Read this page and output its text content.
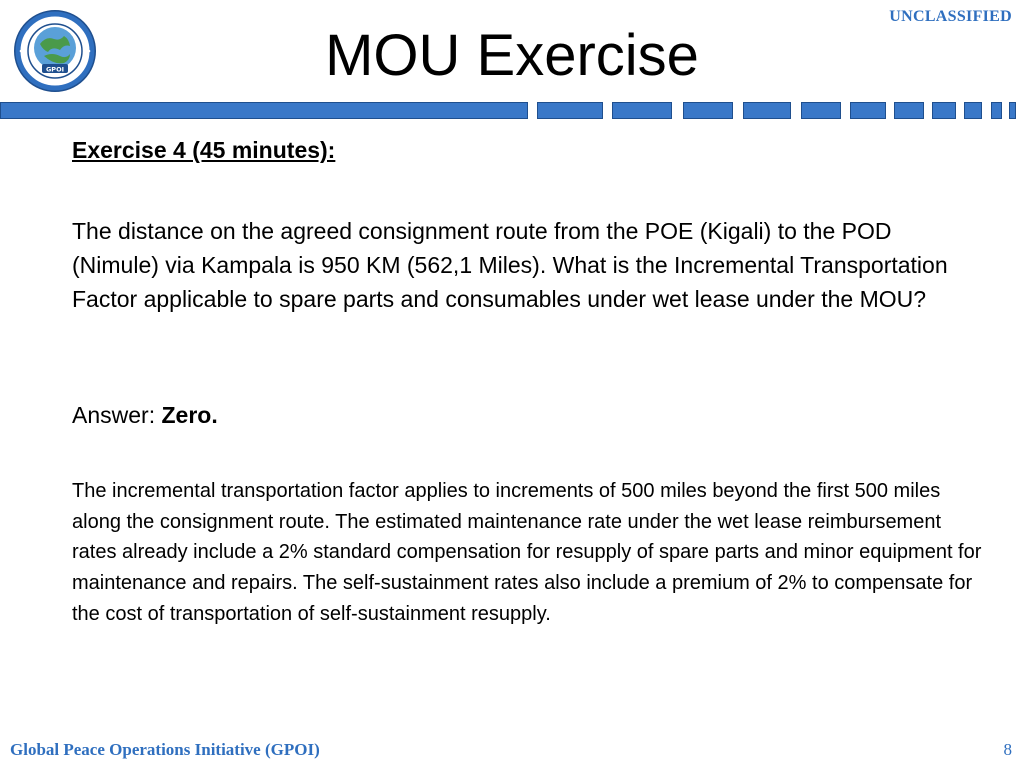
UNCLASSIFIED
GPOI	MOU Exercise

Exercise 4 (45 minutes):

The distance on the agreed consignment route from the POE (Kigali) to the POD (Nimule) via Kampala is 950 KM (562,1 Miles). What is the Incremental Transportation Factor applicable to spare parts and consumables under wet lease under the MOU?

Answer: Zero.

The incremental transportation factor applies to increments of 500 miles beyond the first 500 miles along the consignment route. The estimated maintenance rate under the wet lease reimbursement rates already include a 2% standard compensation for resupply of spare parts and minor equipment for maintenance and repairs. The self-sustainment rates also include a premium of 2% to compensate for the cost of transportation of self-sustainment resupply.

Global Peace Operations Initiative (GPOI)	8
